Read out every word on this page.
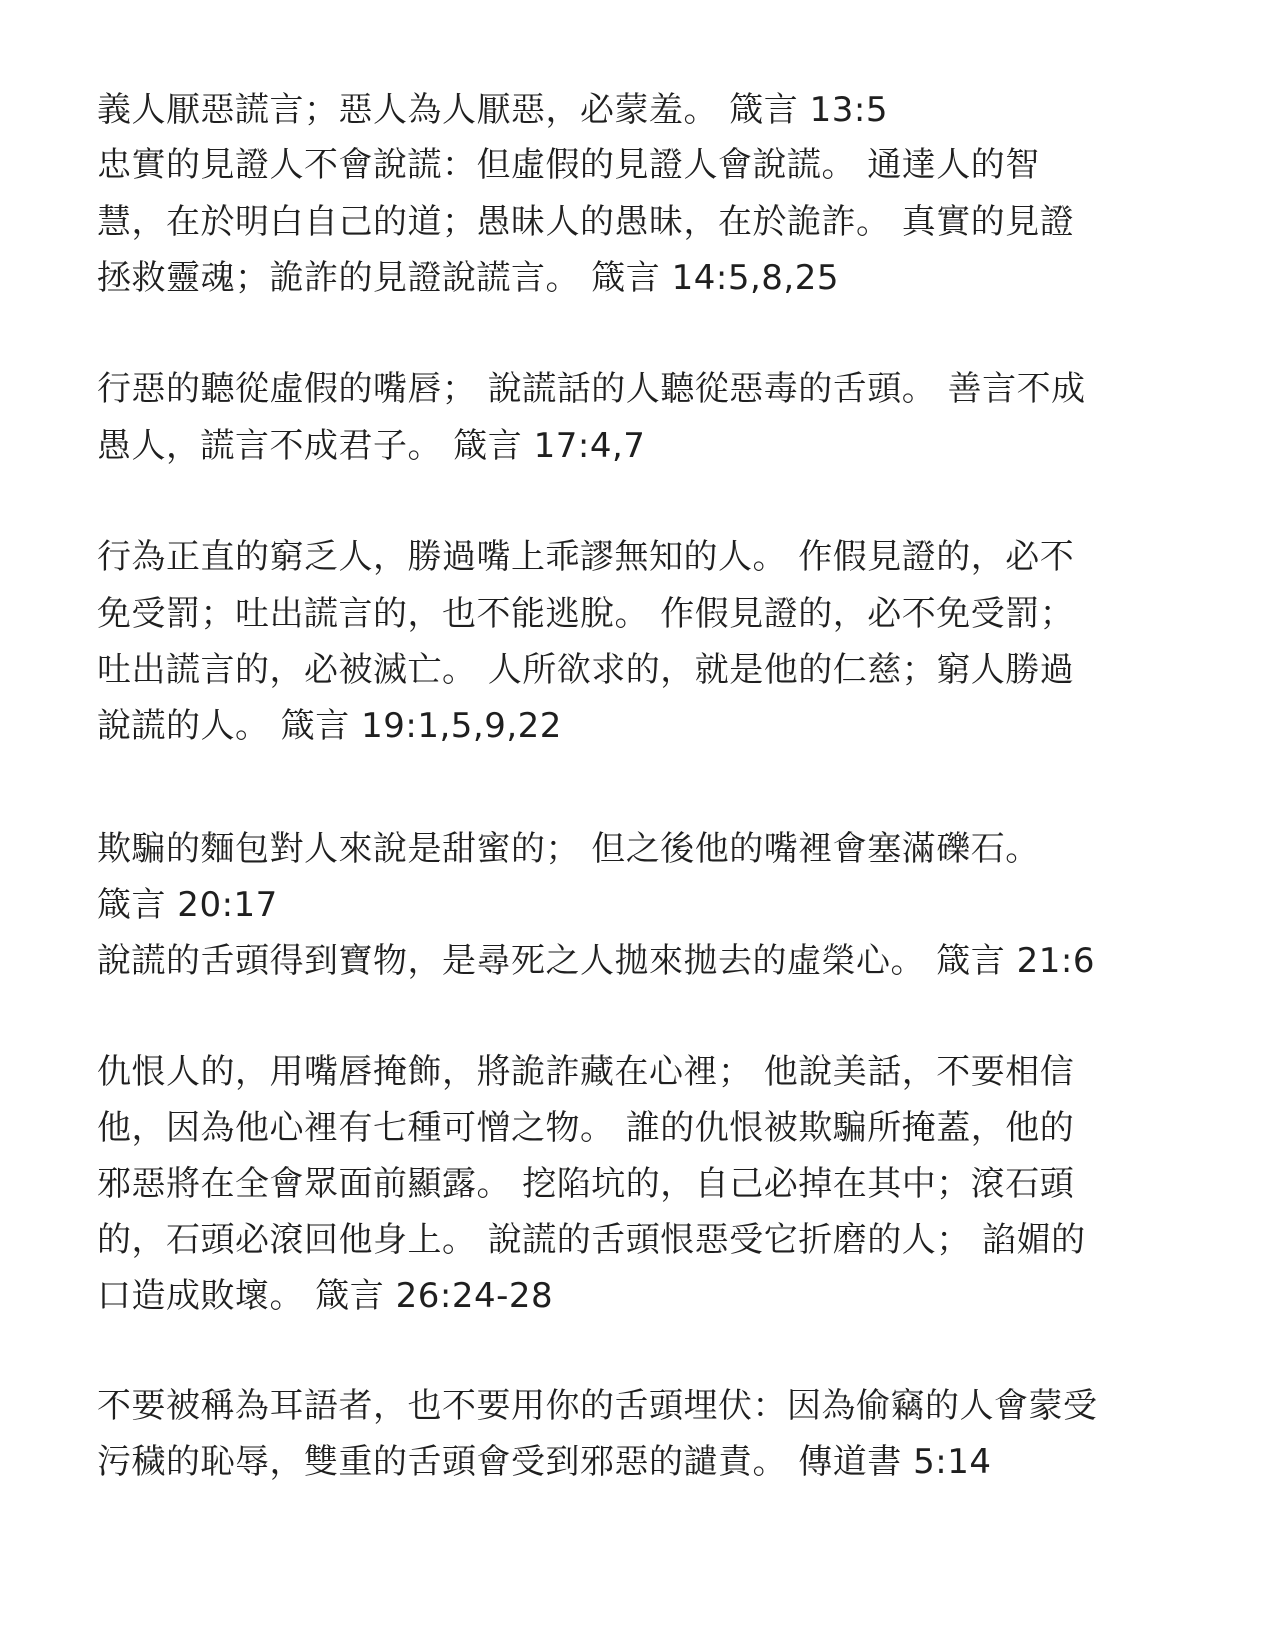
義人厭惡謊言；惡人為人厭惡，必蒙羞。 箴言 13:5
忠實的見證人不會說謊：但虛假的見證人會說謊。 通達人的智
慧，在於明白自己的道；愚昧人的愚昧，在於詭詐。 真實的見證
拯救靈魂；詭詐的見證說謊言。 箴言 14:5,8,25
行惡的聽從虛假的嘴唇； 說謊話的人聽從惡毒的舌頭。 善言不成
愚人，謊言不成君子。 箴言 17:4,7
行為正直的窮乏人，勝過嘴上乖謬無知的人。 作假見證的，必不
免受罰；吐出謊言的，也不能逃脫。 作假見證的，必不免受罰；
吐出謊言的，必被滅亡。 人所欲求的，就是他的仁慈；窮人勝過
說謊的人。 箴言 19:1,5,9,22
欺騙的麵包對人來說是甜蜜的； 但之後他的嘴裡會塞滿礫石。
箴言 20:17
說謊的舌頭得到寶物，是尋死之人拋來拋去的虛榮心。 箴言 21:6
仇恨人的，用嘴唇掩飾，將詭詐藏在心裡； 他說美話，不要相信
他，因為他心裡有七種可憎之物。 誰的仇恨被欺騙所掩蓋，他的
邪惡將在全會眾面前顯露。 挖陷坑的，自己必掉在其中；滾石頭
的，石頭必滾回他身上。 說謊的舌頭恨惡受它折磨的人； 諂媚的
口造成敗壞。 箴言 26:24-28
不要被稱為耳語者，也不要用你的舌頭埋伏：因為偷竊的人會蒙受
污穢的恥辱，雙重的舌頭會受到邪惡的譴責。 傳道書 5:14
